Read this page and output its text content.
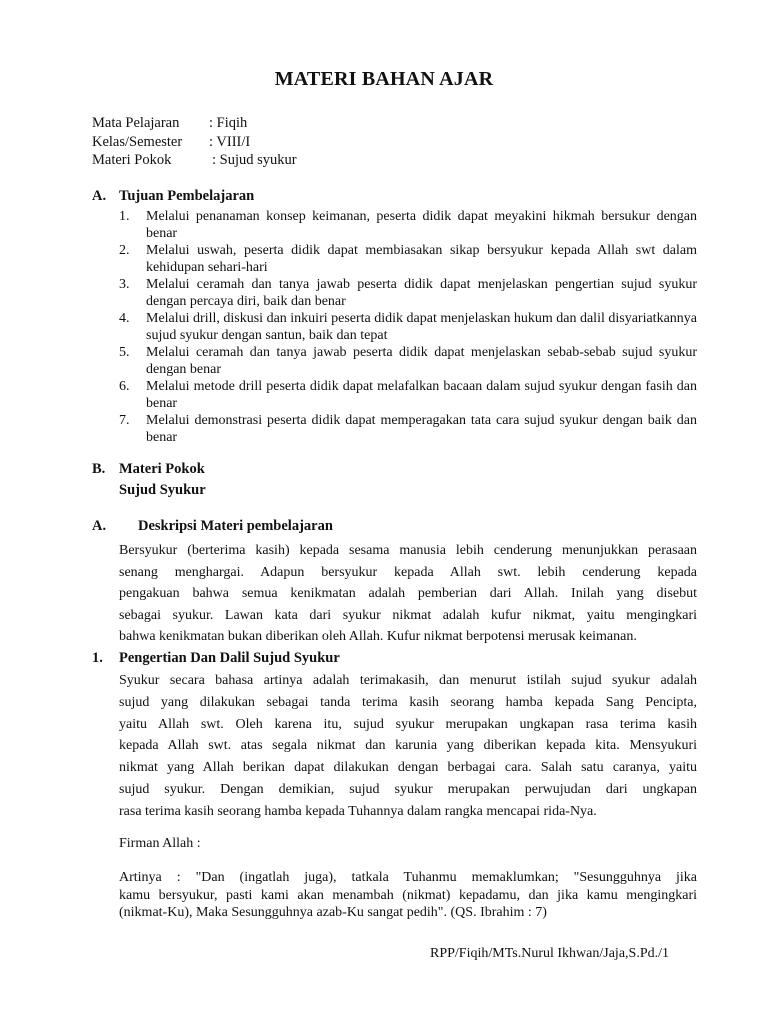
MATERI BAHAN AJAR
Mata Pelajaran	: Fiqih
Kelas/Semester	: VIII/I
Materi Pokok	: Sujud syukur
A. Tujuan Pembelajaran
1.	Melalui penanaman konsep keimanan, peserta didik dapat meyakini hikmah bersukur dengan benar
2.	Melalui uswah, peserta didik dapat membiasakan sikap bersyukur kepada Allah swt dalam kehidupan sehari-hari
3.	Melalui ceramah dan tanya jawab peserta didik dapat menjelaskan pengertian sujud syukur dengan percaya diri, baik dan benar
4.	Melalui drill, diskusi dan inkuiri peserta didik dapat menjelaskan hukum dan dalil disyariatkannya sujud syukur dengan santun, baik dan tepat
5.	Melalui ceramah dan tanya jawab peserta didik dapat menjelaskan sebab-sebab sujud syukur dengan benar
6.	Melalui metode drill peserta didik dapat melafalkan bacaan dalam sujud syukur dengan fasih dan benar
7.	Melalui demonstrasi peserta didik dapat memperagakan tata cara sujud syukur dengan baik dan benar
B. Materi Pokok
Sujud Syukur
A. Deskripsi Materi pembelajaran
Bersyukur (berterima kasih) kepada sesama manusia lebih cenderung menunjukkan perasaan
senang menghargai. Adapun bersyukur kepada Allah swt. lebih cenderung kepada
pengakuan bahwa semua kenikmatan adalah pemberian dari Allah. Inilah yang disebut
sebagai syukur. Lawan kata dari syukur nikmat adalah kufur nikmat, yaitu mengingkari
bahwa kenikmatan bukan diberikan oleh Allah. Kufur nikmat berpotensi merusak keimanan.
1. Pengertian Dan Dalil Sujud Syukur
Syukur secara bahasa artinya adalah terimakasih, dan menurut istilah sujud syukur adalah
sujud yang dilakukan sebagai tanda terima kasih seorang hamba kepada Sang Pencipta,
yaitu Allah swt. Oleh karena itu, sujud syukur merupakan ungkapan rasa terima kasih
kepada Allah swt. atas segala nikmat dan karunia yang diberikan kepada kita. Mensyukuri
nikmat yang Allah berikan dapat dilakukan dengan berbagai cara. Salah satu caranya, yaitu
sujud syukur. Dengan demikian, sujud syukur merupakan perwujudan dari ungkapan
rasa terima kasih seorang hamba kepada Tuhannya dalam rangka mencapai rida-Nya.
Firman Allah :
Artinya : "Dan (ingatlah juga), tatkala Tuhanmu memaklumkan; "Sesungguhnya jika
kamu bersyukur, pasti kami akan menambah (nikmat) kepadamu, dan jika kamu mengingkari
(nikmat-Ku), Maka Sesungguhnya azab-Ku sangat pedih". (QS. Ibrahim : 7)
RPP/Fiqih/MTs.Nurul Ikhwan/Jaja,S.Pd./1
